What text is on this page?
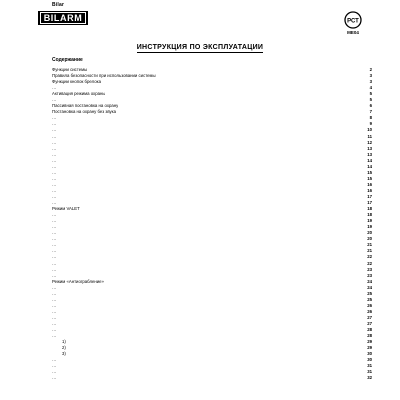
Bilar
BILARM	РСТ
МЕ04
ИНСТРУКЦИЯ ПО ЭКСПЛУАТАЦИИ
Содержание
Функции системы	2
Правила безопасности при использовании системы	3
Функции кнопок брелока	3
…	4
Активация режима охраны	5
…	5
Пассивная постановка на охрану	6
Постановка на охрану без звука	7
…	8
…	9
…	10
…	11
…	12
…	13
…	13
…	14
…	14
…	15
…	15
…	16
…	16
…	17
…	17
Режим VALET	18
…	18
…	19
…	19
…	20
…	20
…	21
…	21
…	22
…	22
…	23
…	23
Режим «Антиограбление»	24
…	24
…	25
…	25
…	26
…	26
…	27
…	27
…	28
…	28
1)	29
2)	29
3)	30
…	30
…	31
…	31
…	32
